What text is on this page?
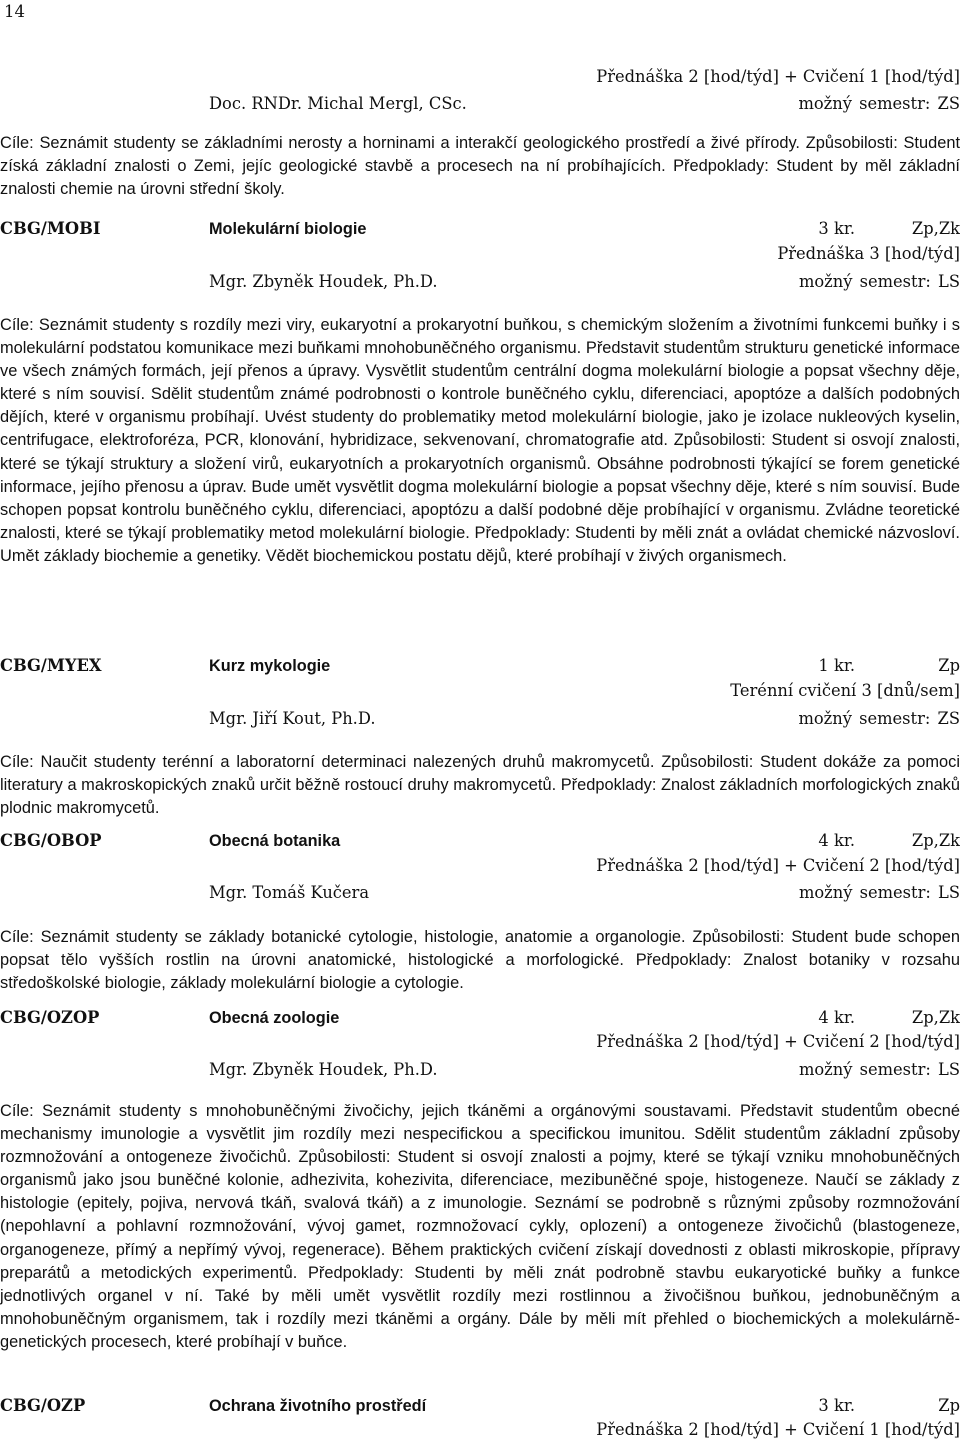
14
Přednáška 2 [hod/týd] + Cvičení 1 [hod/týd]
Doc. RNDr. Michal Mergl, CSc.	možný semestr: ZS

Cíle: Seznámit studenty se základními nerosty a horninami a interakčí geologického prostředí a živé přírody. Způsobilosti: Student získá základní znalosti o Zemi, jejíc geologické stavbě a procesech na ní probíhajících. Předpoklady: Student by měl základní znalosti chemie na úrovni střední školy.

CBG/MOBI	Molekulární biologie	3 kr.	Zp,Zk
Přednáška 3 [hod/týd]
Mgr. Zbyněk Houdek, Ph.D.	možný semestr: LS

Cíle: Seznámit studenty s rozdíly mezi viry, eukaryotní a prokaryotní buňkou, s chemickým složením a životními funkcemi buňky i s molekulární podstatou komunikace mezi buňkami mnohobuněčného organismu. Představit studentům strukturu genetické informace ve všech známých formách, její přenos a úpravy. Vysvětlit studentům centrální dogma molekulární biologie a popsat všechny děje, které s ním souvisí. Sdělit studentům známé podrobnosti o kontrole buněčného cyklu, diferenciaci, apoptóze a dalších podobných dějích, které v organismu probíhají. Uvést studenty do problematiky metod molekulární biologie, jako je izolace nukleových kyselin, centrifugace, elektroforéza, PCR, klonování, hybridizace, sekvenovaní, chromatografie atd. Způsobilosti: Student si osvojí znalosti, které se týkají struktury a složení virů, eukaryotních a prokaryotních organismů. Obsáhne podrobnosti týkající se forem genetické informace, jejího přenosu a úprav. Bude umět vysvětlit dogma molekulární biologie a popsat všechny děje, které s ním souvisí. Bude schopen popsat kontrolu buněčného cyklu, diferenciaci, apoptózu a další podobné děje probíhající v organismu. Zvládne teoretické znalosti, které se týkají problematiky metod molekulární biologie. Předpoklady: Studenti by měli znát a ovládat chemické názvosloví. Umět základy biochemie a genetiky. Vědět biochemickou postatu dějů, které probíhají v živých organismech.

CBG/MYEX	Kurz mykologie	1 kr.	Zp
Terénní cvičení 3 [dnů/sem]
Mgr. Jiří Kout, Ph.D.	možný semestr: ZS

Cíle: Naučit studenty terénní a laboratorní determinaci nalezených druhů makromycetů. Způsobilosti: Student dokáže za pomoci literatury a makroskopických znaků určit běžně rostoucí druhy makromycetů. Předpoklady: Znalost základních morfologických znaků plodnic makromycetů.

CBG/OBOP	Obecná botanika	4 kr.	Zp,Zk
Přednáška 2 [hod/týd] + Cvičení 2 [hod/týd]
Mgr. Tomáš Kučera	možný semestr: LS

Cíle: Seznámit studenty se základy botanické cytologie, histologie, anatomie a organologie. Způsobilosti: Student bude schopen popsat tělo vyšších rostlin na úrovni anatomické, histologické a morfologické. Předpoklady: Znalost botaniky v rozsahu středoškolské biologie, základy molekulární biologie a cytologie.

CBG/OZOP	Obecná zoologie	4 kr.	Zp,Zk
Přednáška 2 [hod/týd] + Cvičení 2 [hod/týd]
Mgr. Zbyněk Houdek, Ph.D.	možný semestr: LS

Cíle: Seznámit studenty s mnohobuněčnými živočichy, jejich tkáněmi a orgánovými soustavami. Představit studentům obecné mechanismy imunologie a vysvětlit jim rozdíly mezi nespecifickou a specifickou imunitou. Sdělit studentům základní způsoby rozmnožování a ontogeneze živočichů. Způsobilosti: Student si osvojí znalosti a pojmy, které se týkají vzniku mnohobuněčných organismů jako jsou buněčné kolonie, adhezivita, kohezivita, diferenciace, mezibuněčné spoje, histogeneze. Naučí se základy z histologie (epitely, pojiva, nervová tkáň, svalová tkáň) a z imunologie. Seznámí se podrobně s různými způsoby rozmnožování (nepohlavní a pohlavní rozmnožování, vývoj gamet, rozmnožovací cykly, oplození) a ontogeneze živočichů (blastogeneze, organogeneze, přímý a nepřímý vývoj, regenerace). Během praktických cvičení získají dovednosti z oblasti mikroskopie, přípravy preparátů a metodických experimentů. Předpoklady: Studenti by měli znát podrobně stavbu eukaryotické buňky a funkce jednotlivých organel v ní. Také by měli umět vysvětlit rozdíly mezi rostlinnou a živočišnou buňkou, jednobuněčným a mnohobuněčným organismem, tak i rozdíly mezi tkáněmi a orgány. Dále by měli mít přehled o biochemických a molekulárně-genetických procesech, které probíhají v buňce.

CBG/OZP	Ochrana životního prostředí	3 kr.	Zp
Přednáška 2 [hod/týd] + Cvičení 1 [hod/týd]
